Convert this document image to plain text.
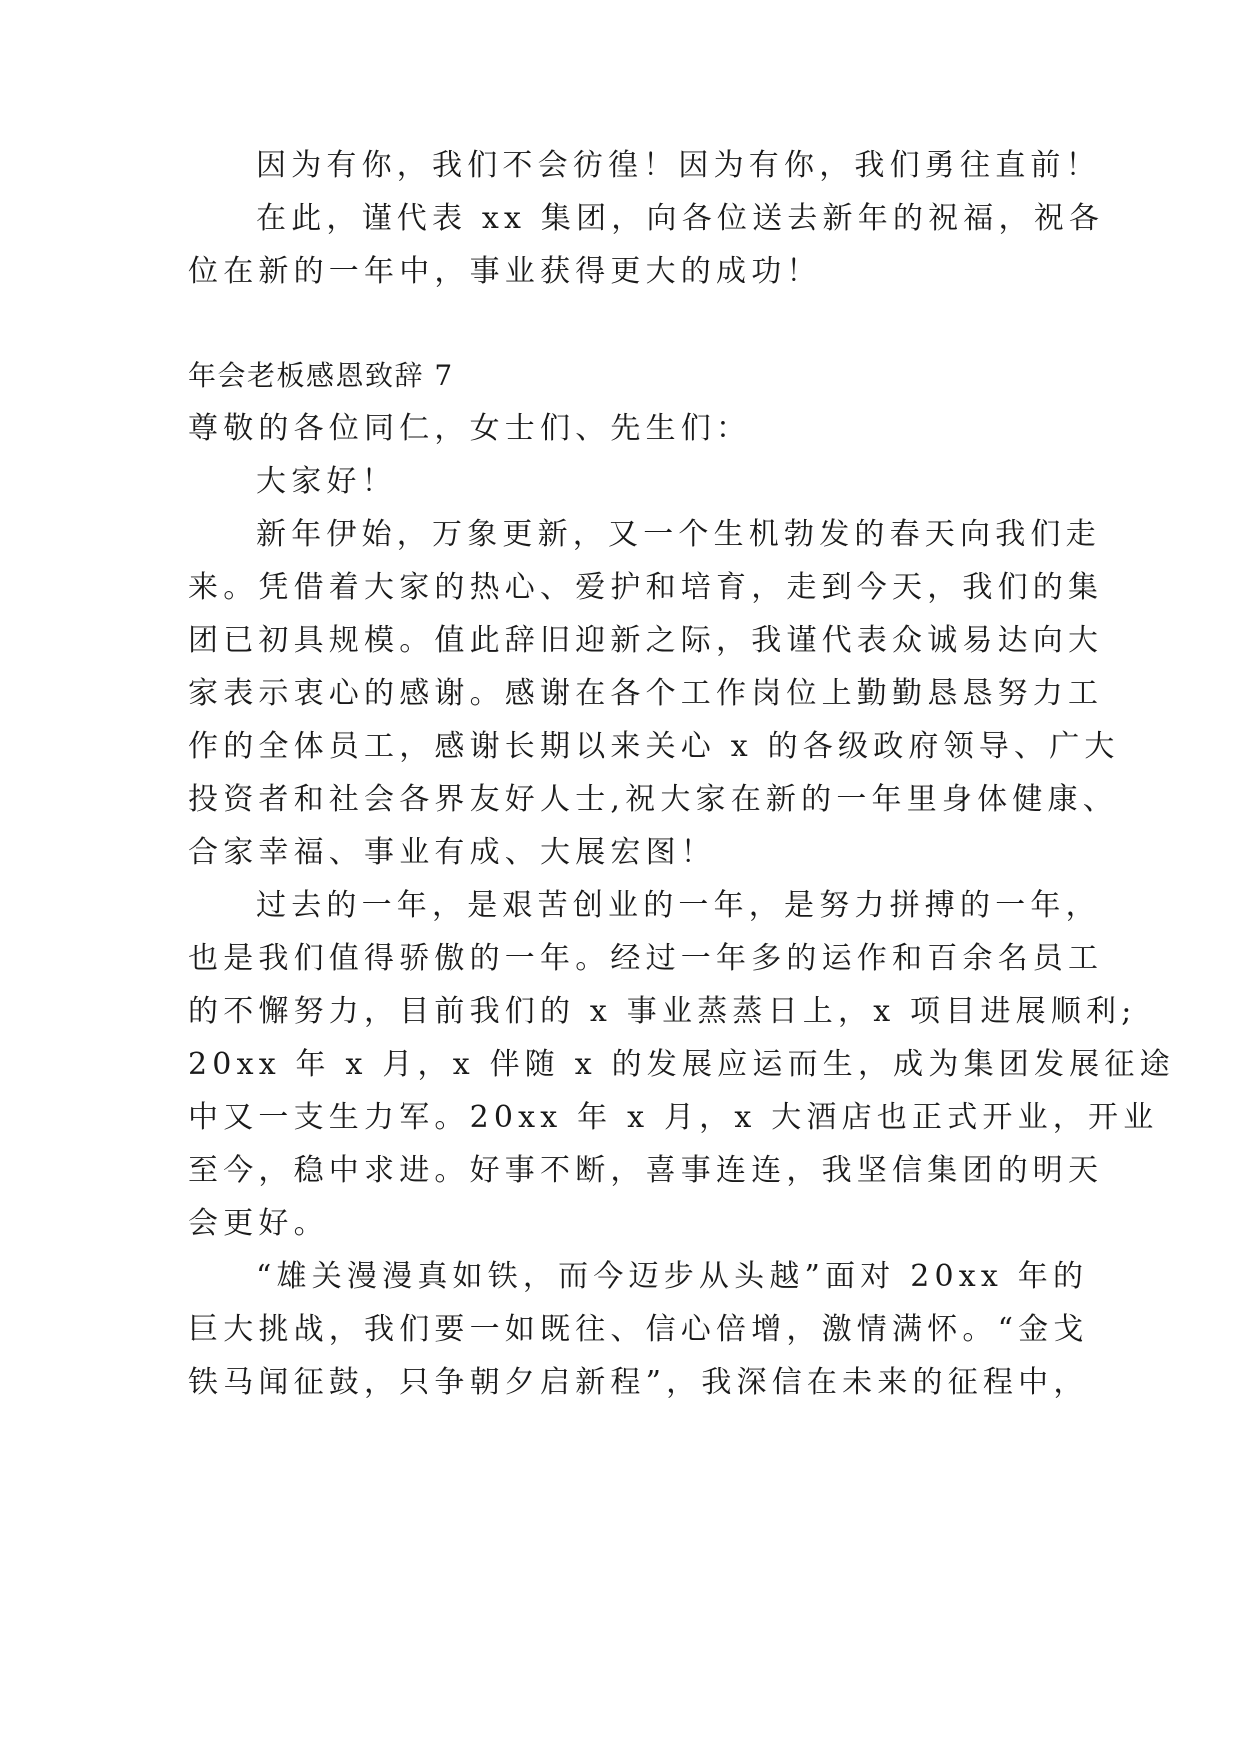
因为有你，我们不会彷徨！因为有你，我们勇往直前！
在此，谨代表 xx 集团，向各位送去新年的祝福，祝各
位在新的一年中，事业获得更大的成功！
年会老板感恩致辞 7
尊敬的各位同仁，女士们、先生们：
大家好！
新年伊始，万象更新，又一个生机勃发的春天向我们走
来。凭借着大家的热心、爱护和培育，走到今天，我们的集
团已初具规模。值此辞旧迎新之际，我谨代表众诚易达向大
家表示衷心的感谢。感谢在各个工作岗位上勤勤恳恳努力工
作的全体员工，感谢长期以来关心 x 的各级政府领导、广大
投资者和社会各界友好人士,祝大家在新的一年里身体健康、
合家幸福、事业有成、大展宏图！
过去的一年，是艰苦创业的一年，是努力拼搏的一年，
也是我们值得骄傲的一年。经过一年多的运作和百余名员工
的不懈努力，目前我们的 x 事业蒸蒸日上，x 项目进展顺利;
20xx 年 x 月，x 伴随 x 的发展应运而生，成为集团发展征途
中又一支生力军。20xx 年 x 月，x 大酒店也正式开业，开业
至今，稳中求进。好事不断，喜事连连，我坚信集团的明天
会更好。
“雄关漫漫真如铁，而今迈步从头越”面对 20xx 年的
巨大挑战，我们要一如既往、信心倍增，激情满怀。“金戈
铁马闻征鼓，只争朝夕启新程”，我深信在未来的征程中，
